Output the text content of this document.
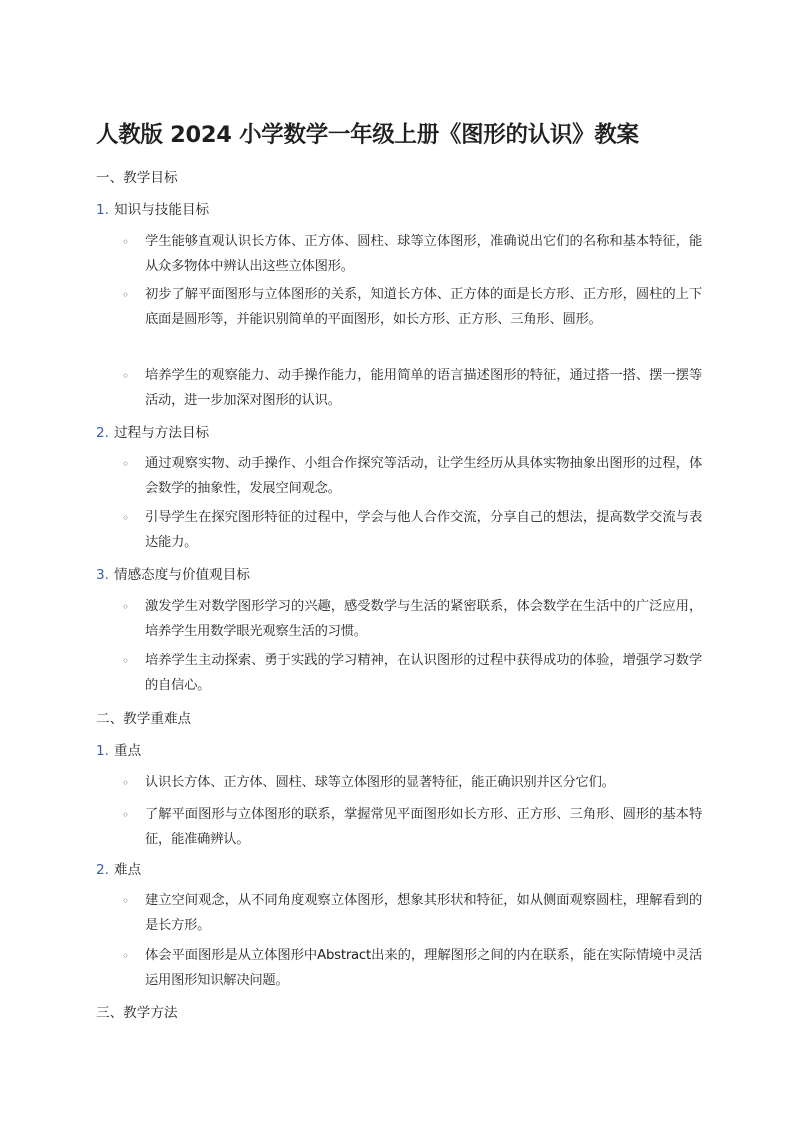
人教版 2024 小学数学一年级上册《图形的认识》教案
一、教学目标
1. 知识与技能目标
◦ 学生能够直观认识长方体、正方体、圆柱、球等立体图形，准确说出它们的名称和基本特征，能从众多物体中辨认出这些立体图形。
◦ 初步了解平面图形与立体图形的关系，知道长方体、正方体的面是长方形、正方形，圆柱的上下底面是圆形等，并能识别简单的平面图形，如长方形、正方形、三角形、圆形。
◦ 培养学生的观察能力、动手操作能力，能用简单的语言描述图形的特征，通过搭一搭、摆一摆等活动，进一步加深对图形的认识。
2. 过程与方法目标
◦ 通过观察实物、动手操作、小组合作探究等活动，让学生经历从具体实物抽象出图形的过程，体会数学的抽象性，发展空间观念。
◦ 引导学生在探究图形特征的过程中，学会与他人合作交流，分享自己的想法，提高数学交流与表达能力。
3. 情感态度与价值观目标
◦ 激发学生对数学图形学习的兴趣，感受数学与生活的紧密联系，体会数学在生活中的广泛应用，培养学生用数学眼光观察生活的习惯。
◦ 培养学生主动探索、勇于实践的学习精神，在认识图形的过程中获得成功的体验，增强学习数学的自信心。
二、教学重难点
1. 重点
◦ 认识长方体、正方体、圆柱、球等立体图形的显著特征，能正确识别并区分它们。
◦ 了解平面图形与立体图形的联系，掌握常见平面图形如长方形、正方形、三角形、圆形的基本特征，能准确辨认。
2. 难点
◦ 建立空间观念，从不同角度观察立体图形，想象其形状和特征，如从侧面观察圆柱，理解看到的是长方形。
◦ 体会平面图形是从立体图形中Abstract出来的，理解图形之间的内在联系，能在实际情境中灵活运用图形知识解决问题。
三、教学方法
